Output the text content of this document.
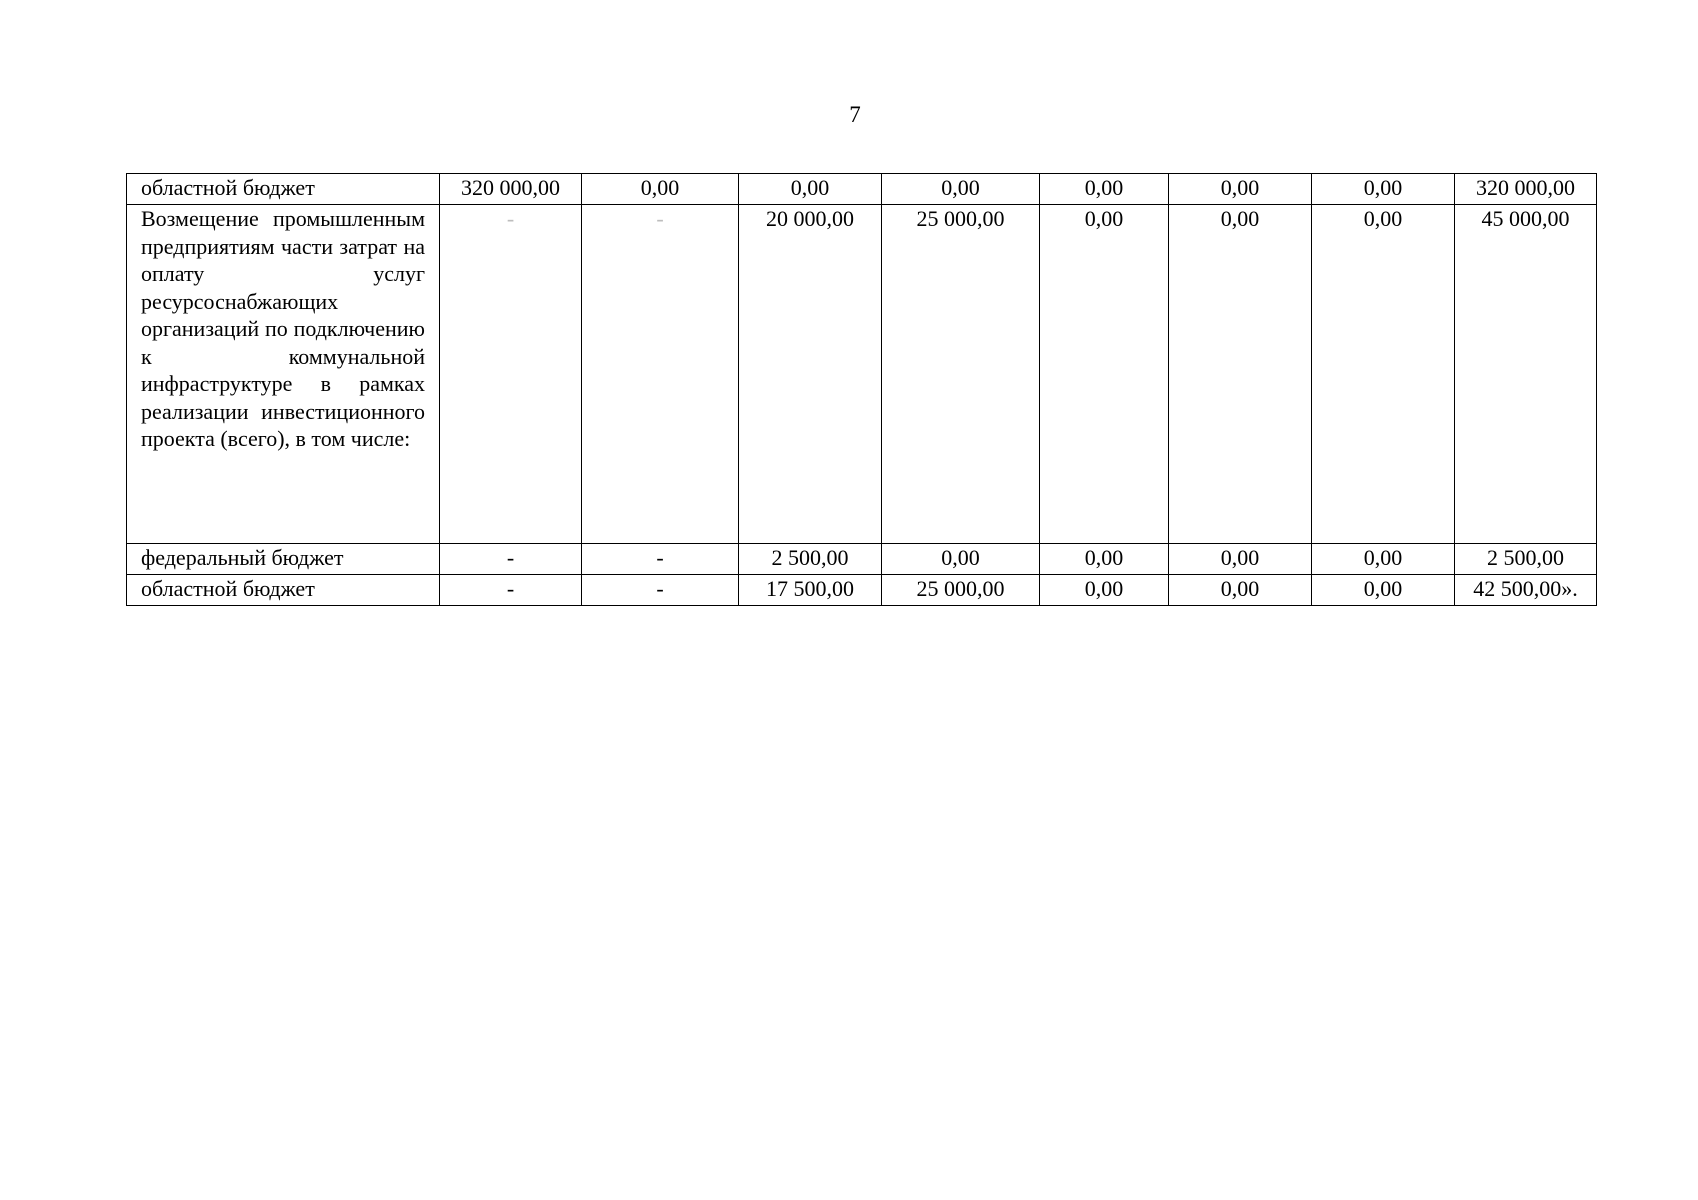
7
областной бюджет	320 000,00	0,00	0,00	0,00	0,00	0,00	0,00	320 000,00
Возмещение промышленным предприятиям части затрат на оплату услуг ресурсоснабжающих организаций по подключению к коммунальной инфраструктуре в рамках реализации инвестиционного проекта (всего), в том числе:	-	-	20 000,00	25 000,00	0,00	0,00	0,00	45 000,00
федеральный бюджет	-	-	2 500,00	0,00	0,00	0,00	0,00	2 500,00
областной бюджет	-	-	17 500,00	25 000,00	0,00	0,00	0,00	42 500,00».
